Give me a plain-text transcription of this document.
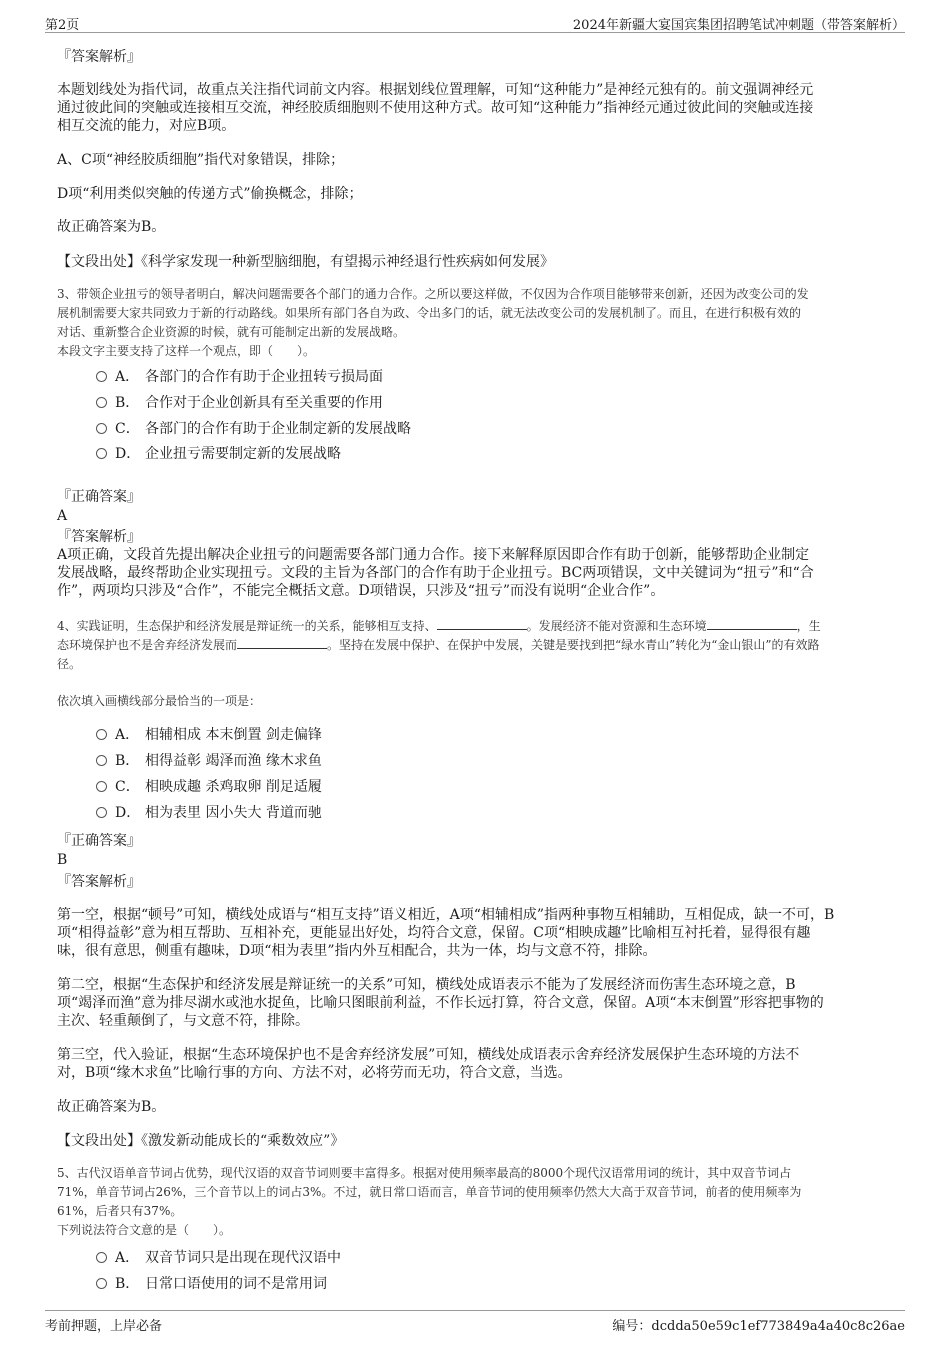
第2页	2024年新疆大宴国宾集团招聘笔试冲刺题（带答案解析）
『答案解析』
本题划线处为指代词，故重点关注指代词前文内容。根据划线位置理解，可知“这种能力”是神经元独有的。前文强调神经元
通过彼此间的突触或连接相互交流，神经胶质细胞则不使用这种方式。故可知“这种能力”指神经元通过彼此间的突触或连接
相互交流的能力，对应B项。
A、C项“神经胶质细胞”指代对象错误，排除；
D项“利用类似突触的传递方式”偷换概念，排除；
故正确答案为B。
【文段出处】《科学家发现一种新型脑细胞，有望揭示神经退行性疾病如何发展》
3、带领企业扭亏的领导者明白，解决问题需要各个部门的通力合作。之所以要这样做，不仅因为合作项目能够带来创新，还因为改变公司的发
展机制需要大家共同致力于新的行动路线。如果所有部门各自为政、令出多门的话，就无法改变公司的发展机制了。而且，在进行积极有效的
对话、重新整合企业资源的时候，就有可能制定出新的发展战略。
本段文字主要支持了这样一个观点，即（　　）。
A． 各部门的合作有助于企业扭转亏损局面
B． 合作对于企业创新具有至关重要的作用
C． 各部门的合作有助于企业制定新的发展战略
D． 企业扭亏需要制定新的发展战略
『正确答案』
A
『答案解析』
A项正确，文段首先提出解决企业扭亏的问题需要各部门通力合作。接下来解释原因即合作有助于创新，能够帮助企业制定
发展战略，最终帮助企业实现扭亏。文段的主旨为各部门的合作有助于企业扭亏。BC两项错误，文中关键词为“扭亏”和“合
作”，两项均只涉及“合作”，不能完全概括文意。D项错误，只涉及“扭亏”而没有说明“企业合作”。
4、实践证明，生态保护和经济发展是辩证统一的关系，能够相互支持、	。发展经济不能对资源和生态环境	，生
态环境保护也不是舍弃经济发展而	。坚持在发展中保护、在保护中发展，关键是要找到把“绿水青山”转化为“金山银山”的有效路
径。
依次填入画横线部分最恰当的一项是：
A． 相辅相成 本末倒置 剑走偏锋
B． 相得益彰 竭泽而渔 缘木求鱼
C． 相映成趣 杀鸡取卵 削足适履
D． 相为表里 因小失大 背道而驰
『正确答案』
B
『答案解析』
第一空，根据“顿号”可知，横线处成语与“相互支持”语义相近，A项“相辅相成”指两种事物互相辅助，互相促成，缺一不可，B
项“相得益彰”意为相互帮助、互相补充，更能显出好处，均符合文意，保留。C项“相映成趣”比喻相互衬托着，显得很有趣
味，很有意思，侧重有趣味，D项“相为表里”指内外互相配合，共为一体，均与文意不符，排除。
第二空，根据“生态保护和经济发展是辩证统一的关系”可知，横线处成语表示不能为了发展经济而伤害生态环境之意，B
项“竭泽而渔”意为排尽湖水或池水捉鱼，比喻只图眼前利益，不作长远打算，符合文意，保留。A项“本末倒置”形容把事物的
主次、轻重颠倒了，与文意不符，排除。
第三空，代入验证，根据“生态环境保护也不是舍弃经济发展”可知，横线处成语表示舍弃经济发展保护生态环境的方法不
对，B项“缘木求鱼”比喻行事的方向、方法不对，必将劳而无功，符合文意，当选。
故正确答案为B。
【文段出处】《激发新动能成长的“乘数效应”》
5、古代汉语单音节词占优势，现代汉语的双音节词则要丰富得多。根据对使用频率最高的8000个现代汉语常用词的统计，其中双音节词占
71%，单音节词占26%，三个音节以上的词占3%。不过，就日常口语而言，单音节词的使用频率仍然大大高于双音节词，前者的使用频率为
61%，后者只有37%。
下列说法符合文意的是（　　）。
A． 双音节词只是出现在现代汉语中
B． 日常口语使用的词不是常用词
考前押题，上岸必备	编号：dcdda50e59c1ef773849a4a40c8c26ae
